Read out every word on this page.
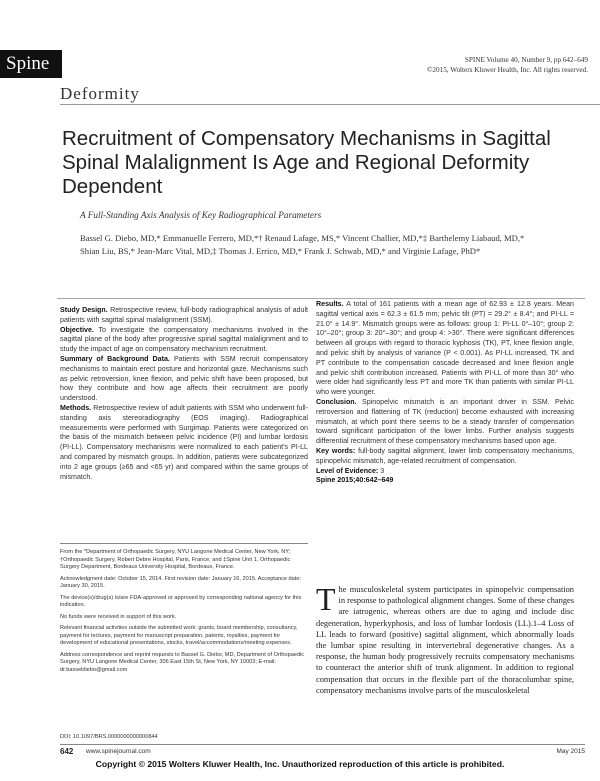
Spine
Deformity
SPINE Volume 40, Number 9, pp 642–649
©2015, Wolters Kluwer Health, Inc. All rights reserved.
Recruitment of Compensatory Mechanisms in Sagittal Spinal Malalignment Is Age and Regional Deformity Dependent
A Full-Standing Axis Analysis of Key Radiographical Parameters
Bassel G. Diebo, MD,* Emmanuelle Ferrero, MD,*† Renaud Lafage, MS,* Vincent Challier, MD,*‡ Barthelemy Liabaud, MD,* Shian Liu, BS,* Jean-Marc Vital, MD,‡ Thomas J. Errico, MD,* Frank J. Schwab, MD,* and Virginie Lafage, PhD*

Study Design. Retrospective review, full-body radiographical analysis of adult patients with sagittal spinal malalignment (SSM).

Objective. To investigate the compensatory mechanisms involved in the sagittal plane of the body after progressive spinal sagittal malalignment and to study the impact of age on compensatory mechanism recruitment.

Summary of Background Data. Patients with SSM recruit compensatory mechanisms to maintain erect posture and horizontal gaze. Mechanisms such as pelvic retroversion, knee flexion, and pelvic shift have been proposed, but how they contribute and how age affects their recruitment are poorly understood.

Methods. Retrospective review of adult patients with SSM who underwent full-standing axis stereoradiography (EOS imaging). Radiographical measurements were performed with Surgimap. Patients were categorized on the basis of the mismatch between pelvic incidence (PI) and lumbar lordosis (PI-LL). Compensatory mechanisms were normalized to each patient's PI-LL and compared by mismatch groups. In addition, patients were subcategorized into 2 age groups (≥65 and <65 yr) and compared within the same groups of mismatch.

Results. A total of 161 patients with a mean age of 62.93 ± 12.8 years. Mean sagittal vertical axis = 62.3 ± 61.5 mm; pelvic tilt (PT) = 29.2° ± 8.4°; and PI-LL = 21.0° ± 14.9°. Mismatch groups were as follows: group 1: PI-LL 0°–10°; group 2: 10°–20°; group 3: 20°–30°; and group 4: >30°. There were significant differences between all groups with regard to thoracic kyphosis (TK), PT, knee flexion angle, and pelvic shift by analysis of variance (P < 0.001). As PI-LL increased, TK and PT contribute to the compensation cascade decreased and knee flexion angle and pelvic shift contribution increased. Patients with PI-LL of more than 30° who were older had significantly less PT and more TK than patients with similar PI-LL who were younger.

Conclusion. Spinopelvic mismatch is an important driver in SSM. Pelvic retroversion and flattening of TK (reduction) become exhausted with increasing mismatch, at which point there seems to be a steady transfer of compensation toward significant participation of the lower limbs. Further analysis suggests differential recruitment of these compensatory mechanisms based upon age.

Key words: full-body sagittal alignment, lower limb compensatory mechanisms, spinopelvic mismatch, age-related recruitment of compensation.

Level of Evidence: 3

Spine 2015;40:642–649

From the *Department of Orthopaedic Surgery, NYU Langone Medical Center, New York, NY; †Orthopaedic Surgery, Robert Debre Hospital, Paris, France; and ‡Spine Unit 1, Orthopaedic Surgery Department, Bordeaux University Hospital, Bordeaux, France.

Acknowledgment date: October 15, 2014. First revision date: January 16, 2015. Acceptance date: January 30, 2015.

The device(s)/drug(s) is/are FDA-approved or approved by corresponding national agency for this indication.

No funds were received in support of this work.

Relevant financial activities outside the submitted work: grants, board membership, consultancy, payment for lectures, payment for manuscript preparation, patents, royalties, payment for development of educational presentations, stocks, travel/accommodations/meeting expenses.

Address correspondence and reprint requests to Bassel G. Diebo, MD, Department of Orthopaedic Surgery, NYU Langone Medical Center, 306 East 15th St, New York, NY 10003; E-mail: dr.basseldiebo@gmail.com

DOI: 10.1097/BRS.0000000000000844
The musculoskeletal system participates in spinopelvic compensation in response to pathological alignment changes. Some of these changes are iatrogenic, whereas others are due to aging and include disc degeneration, hyperkyphosis, and loss of lumbar lordosis (LL).1–4 Loss of LL leads to forward (positive) sagittal alignment, which abnormally loads the lumbar spine resulting in intervertebral degenerative changes. As a response, the human body progressively recruits compensatory mechanisms to counteract the anterior shift of trunk alignment. In addition to regional compensation that occurs in the flexible part of the thoracolumbar spine, compensatory mechanisms involve parts of the musculoskeletal
642 www.spinejournal.com	May 2015
Copyright © 2015 Wolters Kluwer Health, Inc. Unauthorized reproduction of this article is prohibited.
